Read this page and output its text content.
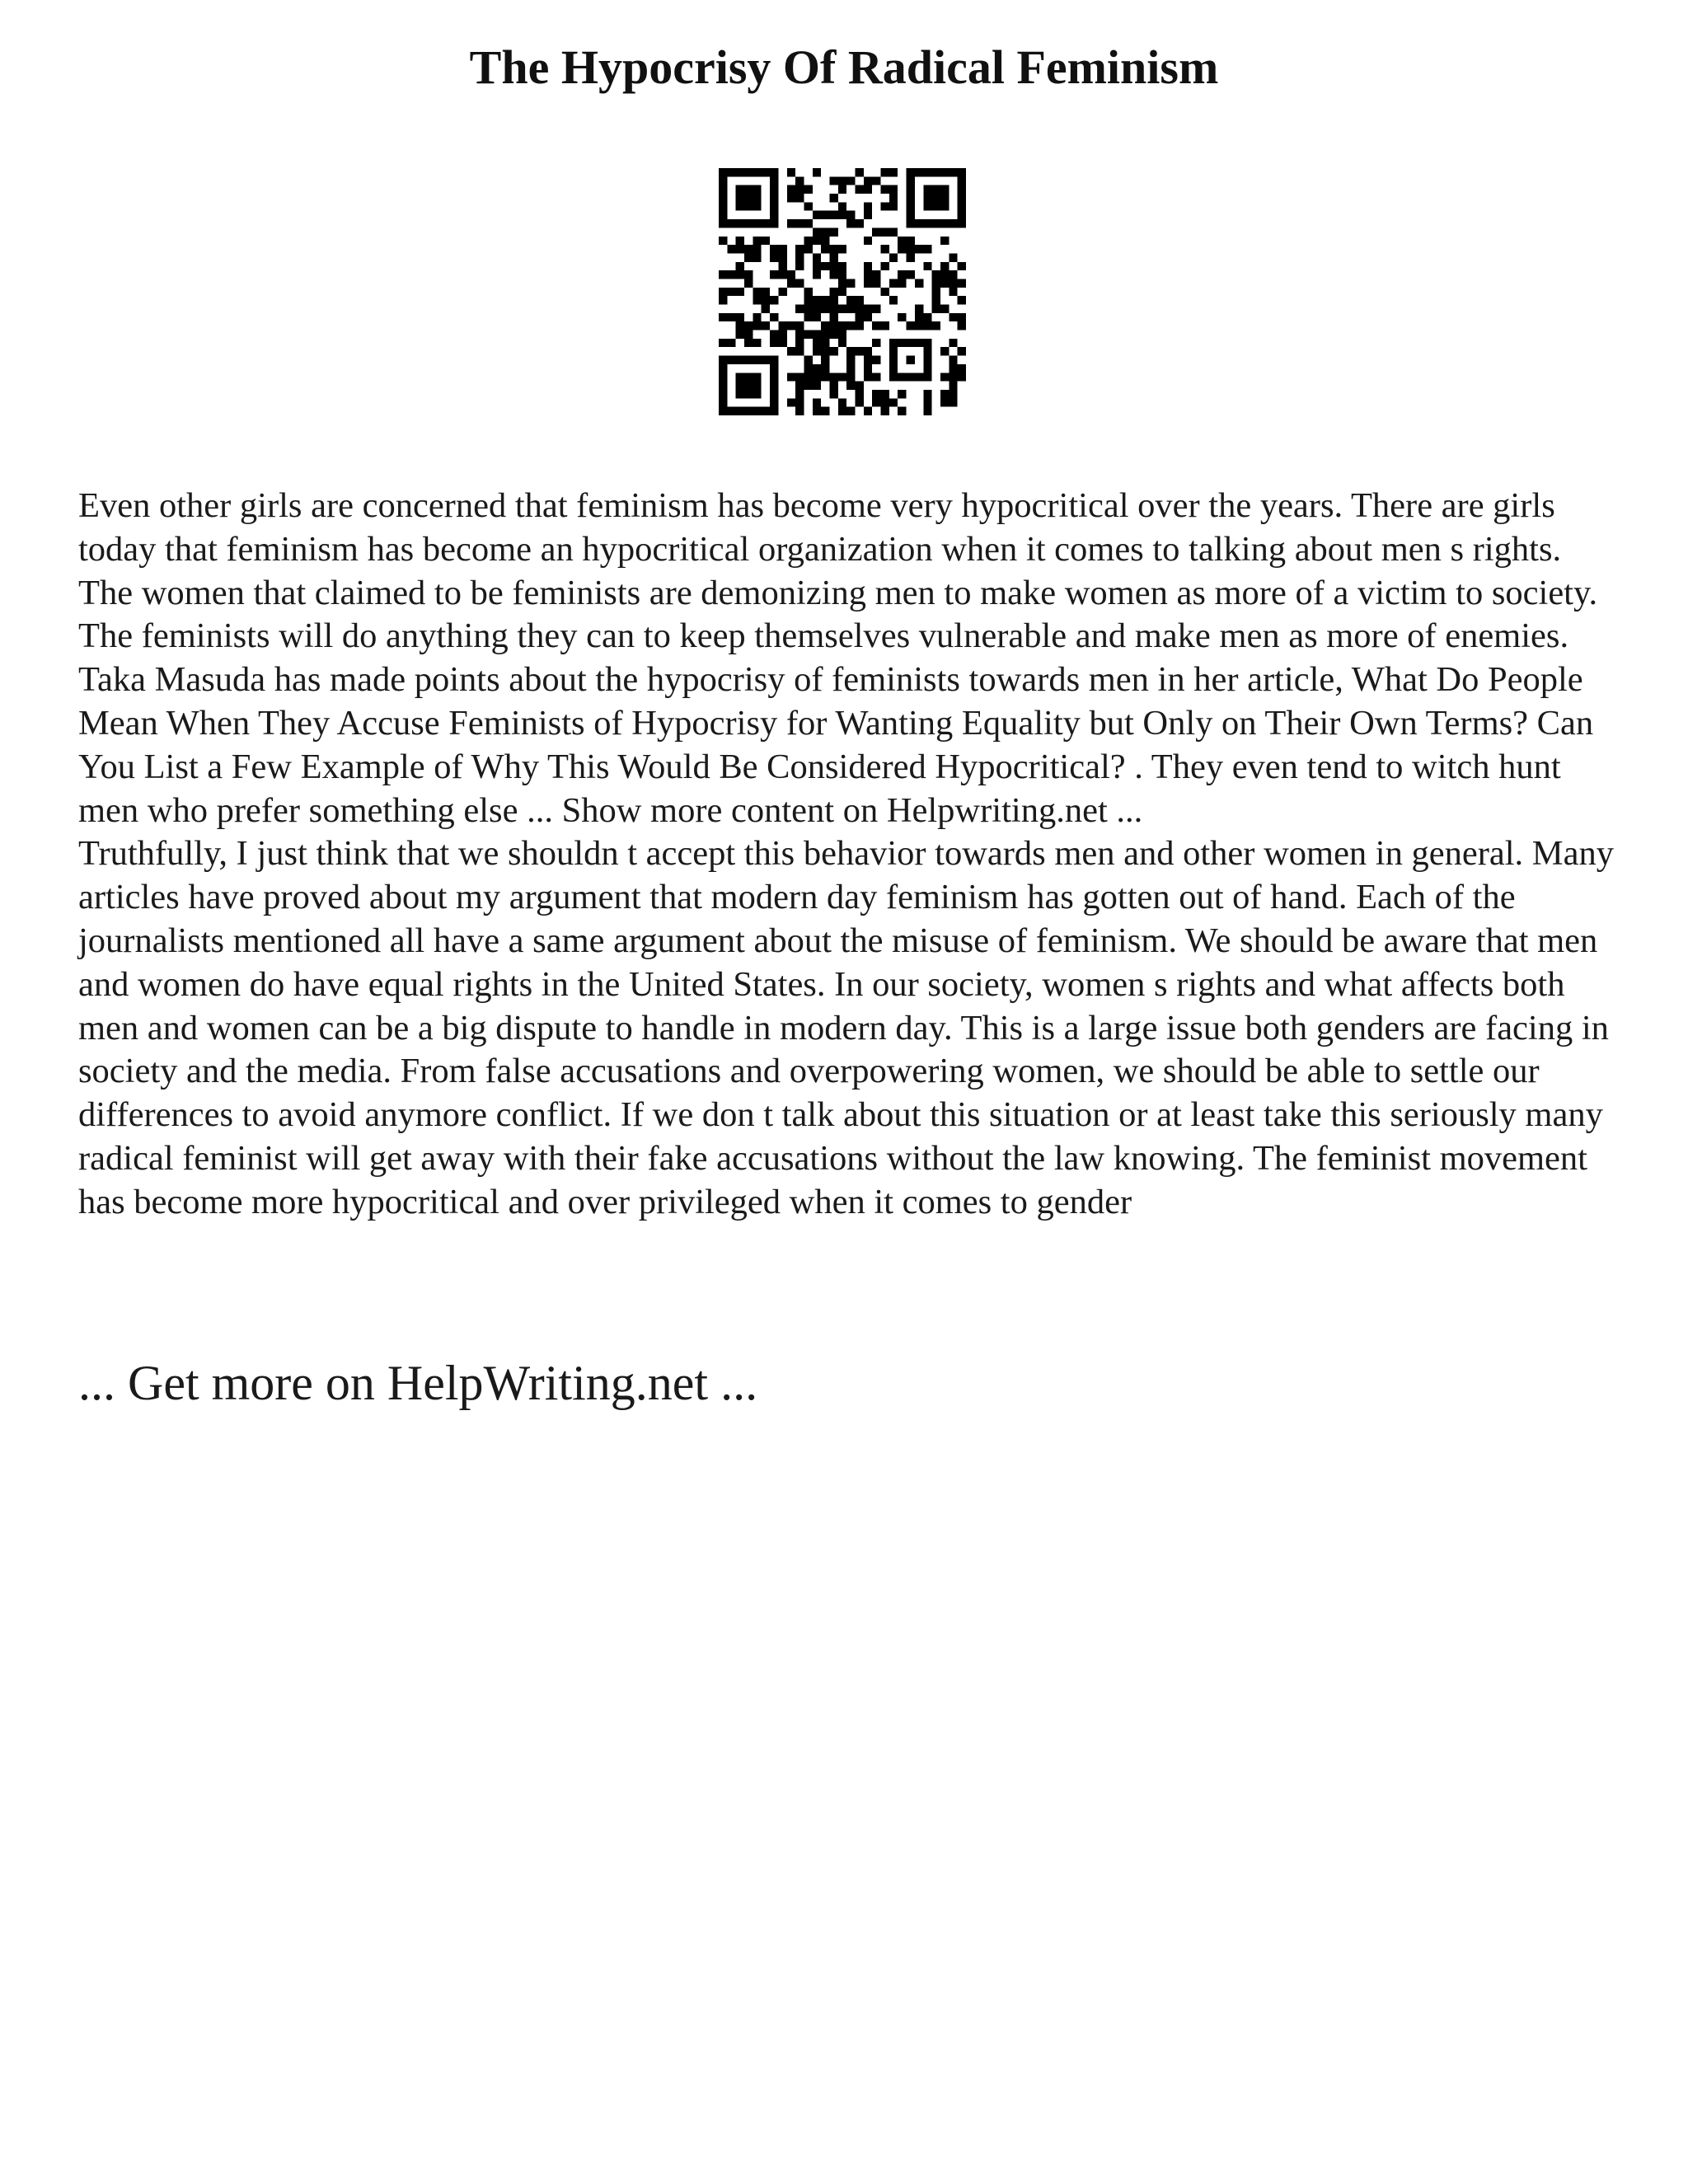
The Hypocrisy Of Radical Feminism

Even other girls are concerned that feminism has become very hypocritical over the years. There are girls today that feminism has become an hypocritical organization when it comes to talking about men s rights. The women that claimed to be feminists are demonizing men to make women as more of a victim to society. The feminists will do anything they can to keep themselves vulnerable and make men as more of enemies. Taka Masuda has made points about the hypocrisy of feminists towards men in her article, What Do People Mean When They Accuse Feminists of Hypocrisy for Wanting Equality but Only on Their Own Terms? Can You List a Few Example of Why This Would Be Considered Hypocritical? . They even tend to witch hunt men who prefer something else ... Show more content on Helpwriting.net ...

Truthfully, I just think that we shouldn t accept this behavior towards men and other women in general. Many articles have proved about my argument that modern day feminism has gotten out of hand. Each of the journalists mentioned all have a same argument about the misuse of feminism. We should be aware that men and women do have equal rights in the United States. In our society, women s rights and what affects both men and women can be a big dispute to handle in modern day. This is a large issue both genders are facing in society and the media. From false accusations and overpowering women, we should be able to settle our differences to avoid anymore conflict. If we don t talk about this situation or at least take this seriously many radical feminist will get away with their fake accusations without the law knowing. The feminist movement has become more hypocritical and over privileged when it comes to gender

... Get more on HelpWriting.net ...
